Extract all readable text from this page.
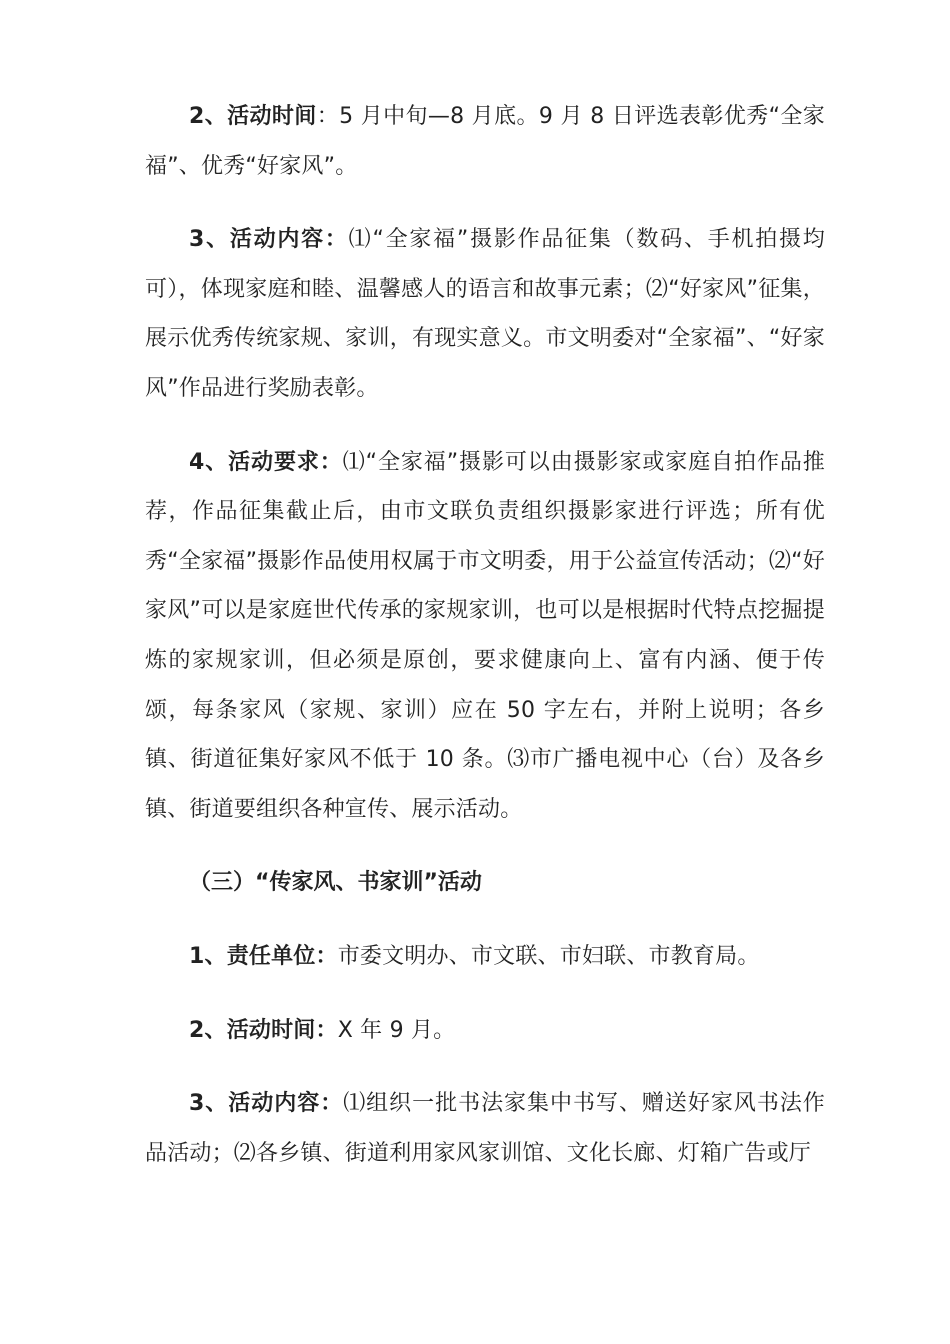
2、活动时间：5 月中旬—8 月底。9 月 8 日评选表彰优秀“全家福”、优秀“好家风”。

3、活动内容：⑴“全家福”摄影作品征集（数码、手机拍摄均可），体现家庭和睦、温馨感人的语言和故事元素；⑵“好家风”征集，展示优秀传统家规、家训，有现实意义。市文明委对“全家福”、“好家风”作品进行奖励表彰。

4、活动要求：⑴“全家福”摄影可以由摄影家或家庭自拍作品推荐，作品征集截止后，由市文联负责组织摄影家进行评选；所有优秀“全家福”摄影作品使用权属于市文明委，用于公益宣传活动；⑵“好家风”可以是家庭世代传承的家规家训，也可以是根据时代特点挖掘提炼的家规家训，但必须是原创，要求健康向上、富有内涵、便于传颂，每条家风（家规、家训）应在 50 字左右，并附上说明；各乡镇、街道征集好家风不低于 10 条。⑶市广播电视中心（台）及各乡镇、街道要组织各种宣传、展示活动。

（三）“传家风、书家训”活动

1、责任单位：市委文明办、市文联、市妇联、市教育局。

2、活动时间：X 年 9 月。

3、活动内容：⑴组织一批书法家集中书写、赠送好家风书法作品活动；⑵各乡镇、街道利用家风家训馆、文化长廊、灯箱广告或厅
